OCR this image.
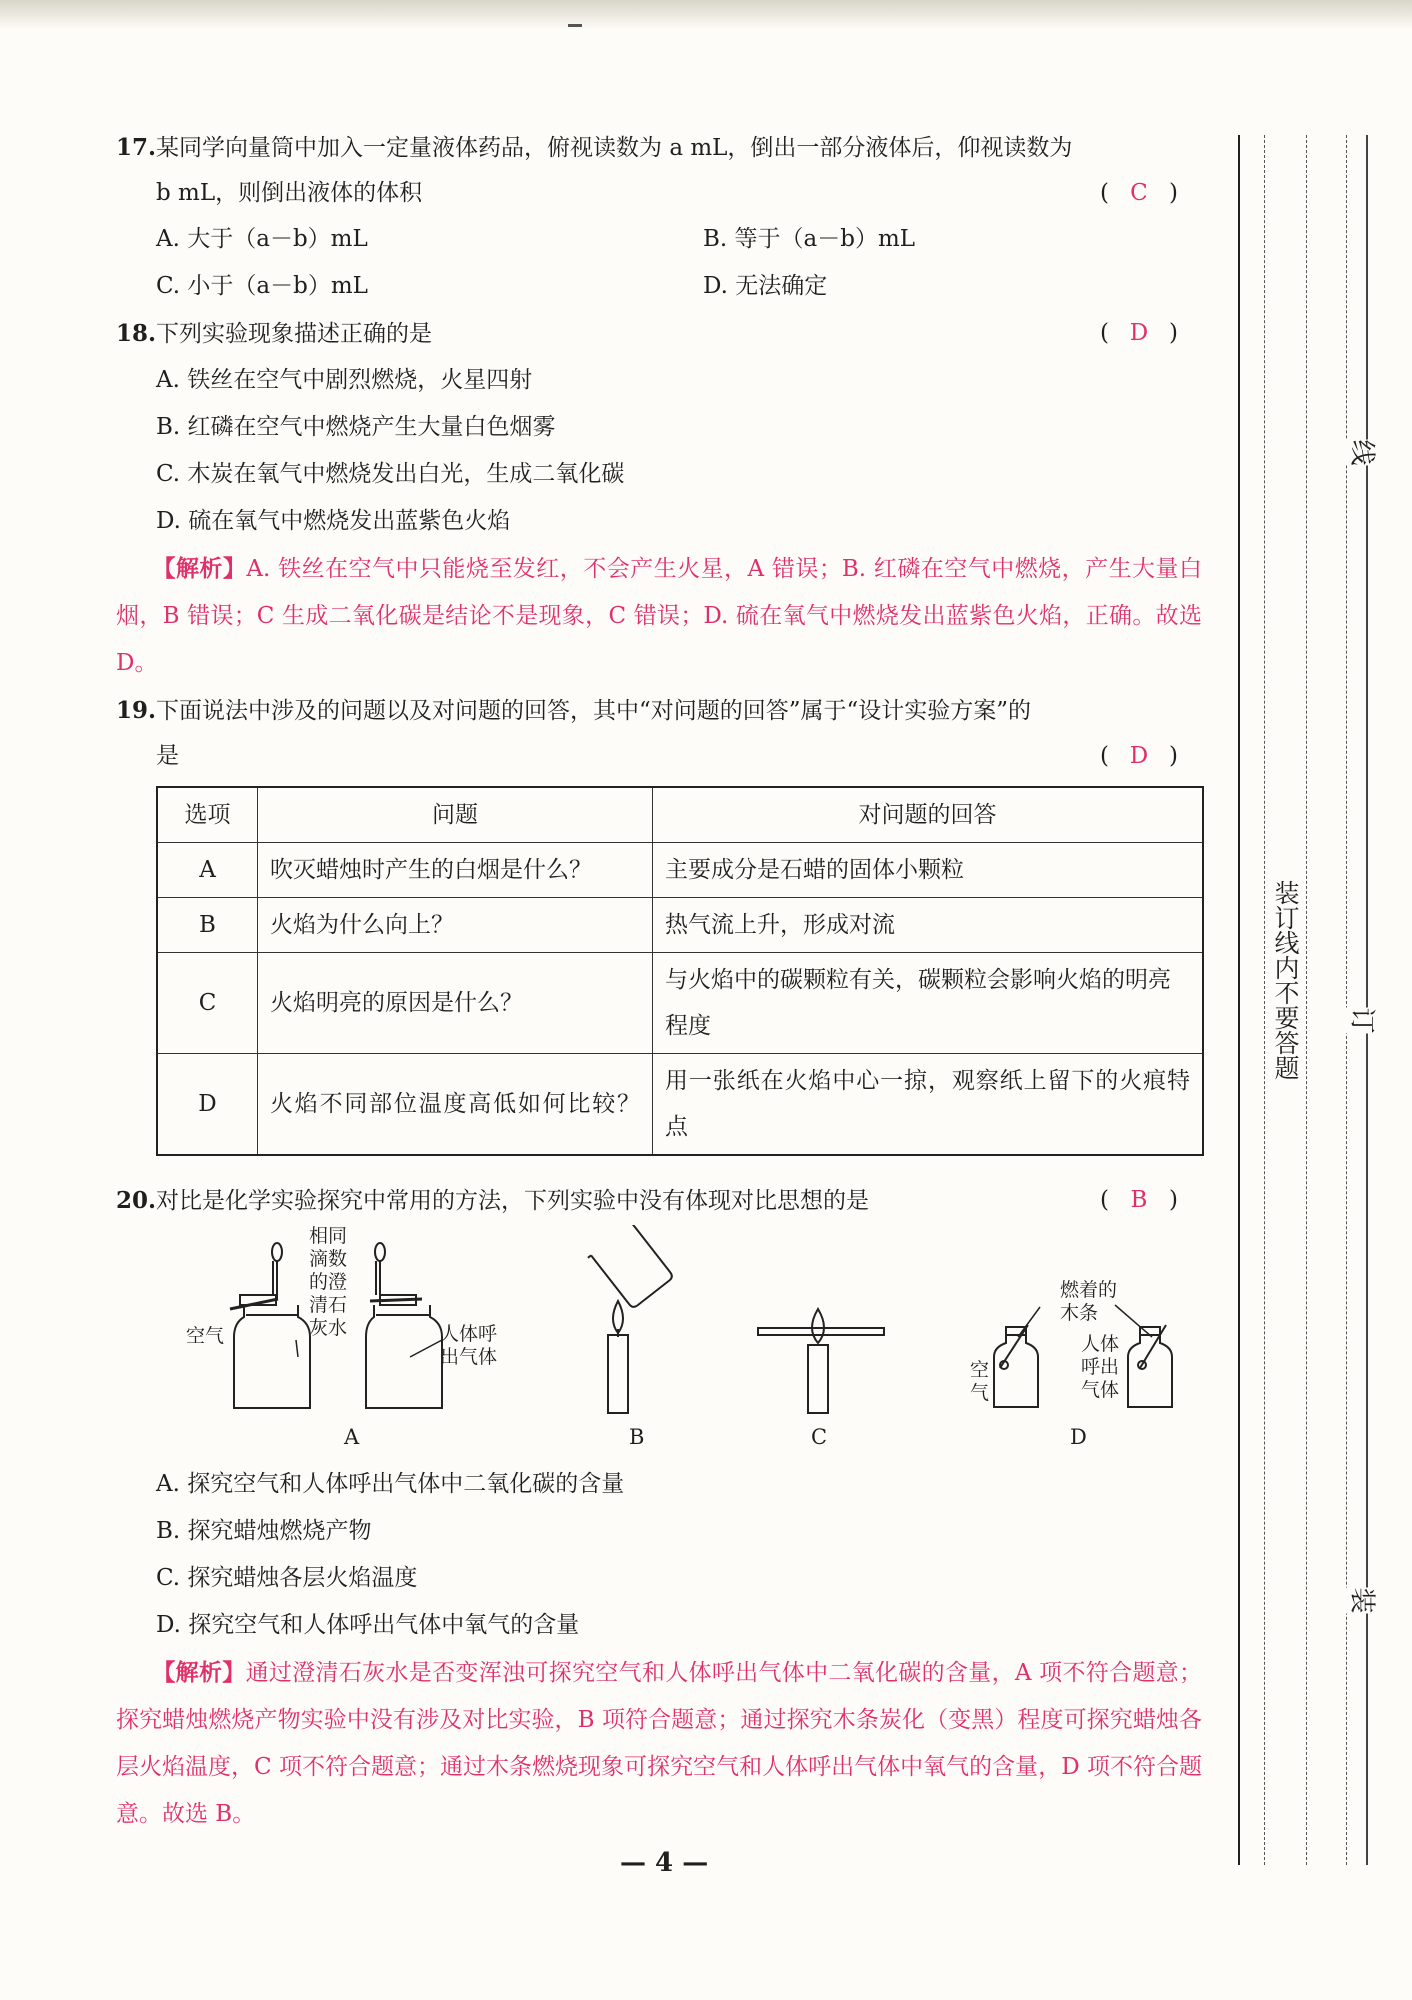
17.某同学向量筒中加入一定量液体药品，俯视读数为 a mL，倒出一部分液体后，仰视读数为
b mL，则倒出液体的体积	( C )
A. 大于（a－b）mL	B. 等于（a－b）mL
C. 小于（a－b）mL	D. 无法确定
18.下列实验现象描述正确的是	( D )
A. 铁丝在空气中剧烈燃烧，火星四射
B. 红磷在空气中燃烧产生大量白色烟雾
C. 木炭在氧气中燃烧发出白光，生成二氧化碳
D. 硫在氧气中燃烧发出蓝紫色火焰
【解析】A. 铁丝在空气中只能烧至发红，不会产生火星，A 错误；B. 红磷在空气中燃烧，产生大量白烟，B 错误；C 生成二氧化碳是结论不是现象，C 错误；D. 硫在氧气中燃烧发出蓝紫色火焰，正确。故选 D。
19.下面说法中涉及的问题以及对问题的回答，其中“对问题的回答”属于“设计实验方案”的
是	( D )
选项	问题	对问题的回答
A	吹灭蜡烛时产生的白烟是什么？	主要成分是石蜡的固体小颗粒
B	火焰为什么向上？	热气流上升，形成对流
C	火焰明亮的原因是什么？	与火焰中的碳颗粒有关，碳颗粒会影响火焰的明亮程度
D	火焰不同部位温度高低如何比较？	用一张纸在火焰中心一掠，观察纸上留下的火痕特点
20.对比是化学实验探究中常用的方法，下列实验中没有体现对比思想的是	( B )
相同滴数的澄清石灰水
空气	人体呼出气体
燃着的木条
空气
人体呼出气体
A	B	C	D
A. 探究空气和人体呼出气体中二氧化碳的含量
B. 探究蜡烛燃烧产物
C. 探究蜡烛各层火焰温度
D. 探究空气和人体呼出气体中氧气的含量
【解析】通过澄清石灰水是否变浑浊可探究空气和人体呼出气体中二氧化碳的含量，A 项不符合题意；探究蜡烛燃烧产物实验中没有涉及对比实验，B 项符合题意；通过探究木条炭化（变黑）程度可探究蜡烛各层火焰温度，C 项不符合题意；通过木条燃烧现象可探究空气和人体呼出气体中氧气的含量，D 项不符合题意。故选 B。
— 4 —
装订线内不要答题
线
订
装
